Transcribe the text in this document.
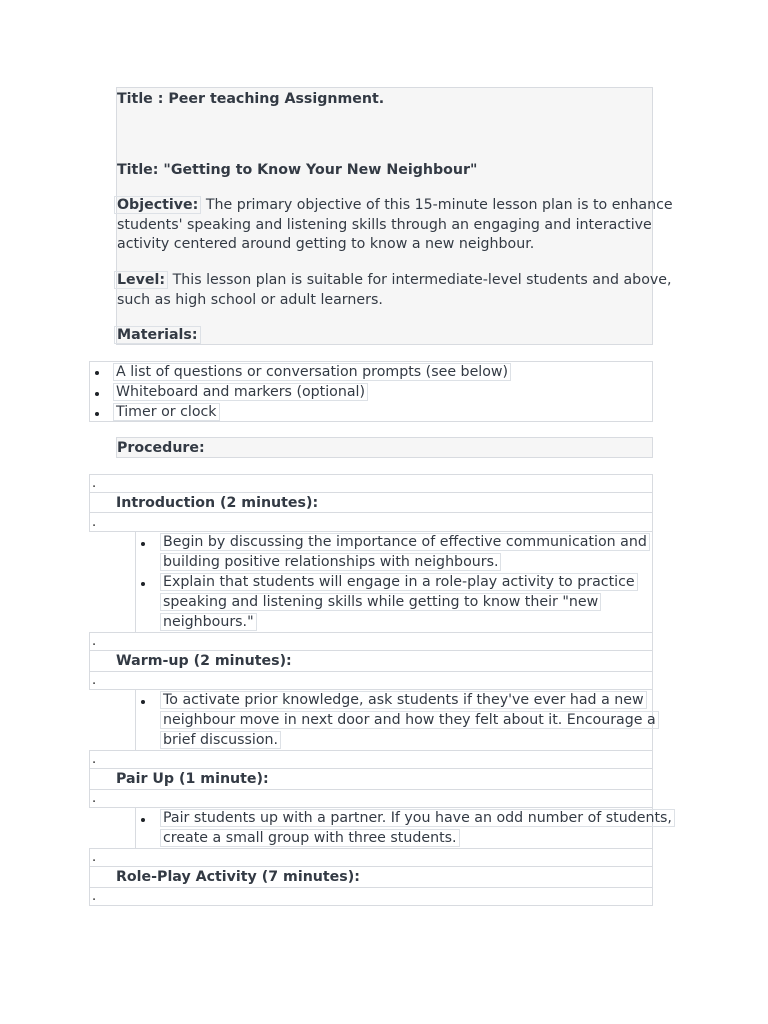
Title : Peer teaching Assignment.
Title: "Getting to Know Your New Neighbour"
Objective: The primary objective of this 15-minute lesson plan is to enhance
students' speaking and listening skills through an engaging and interactive
activity centered around getting to know a new neighbour.
Level: This lesson plan is suitable for intermediate-level students and above,
such as high school or adult learners.
Materials:
A list of questions or conversation prompts (see below)
Whiteboard and markers (optional)
Timer or clock
Procedure:
.
Introduction (2 minutes):
.
Begin by discussing the importance of effective communication and
building positive relationships with neighbours.
Explain that students will engage in a role-play activity to practice
speaking and listening skills while getting to know their "new
neighbours."
.
Warm-up (2 minutes):
.
To activate prior knowledge, ask students if they've ever had a new
neighbour move in next door and how they felt about it. Encourage a
brief discussion.
.
Pair Up (1 minute):
.
Pair students up with a partner. If you have an odd number of students,
create a small group with three students.
.
Role-Play Activity (7 minutes):
.
